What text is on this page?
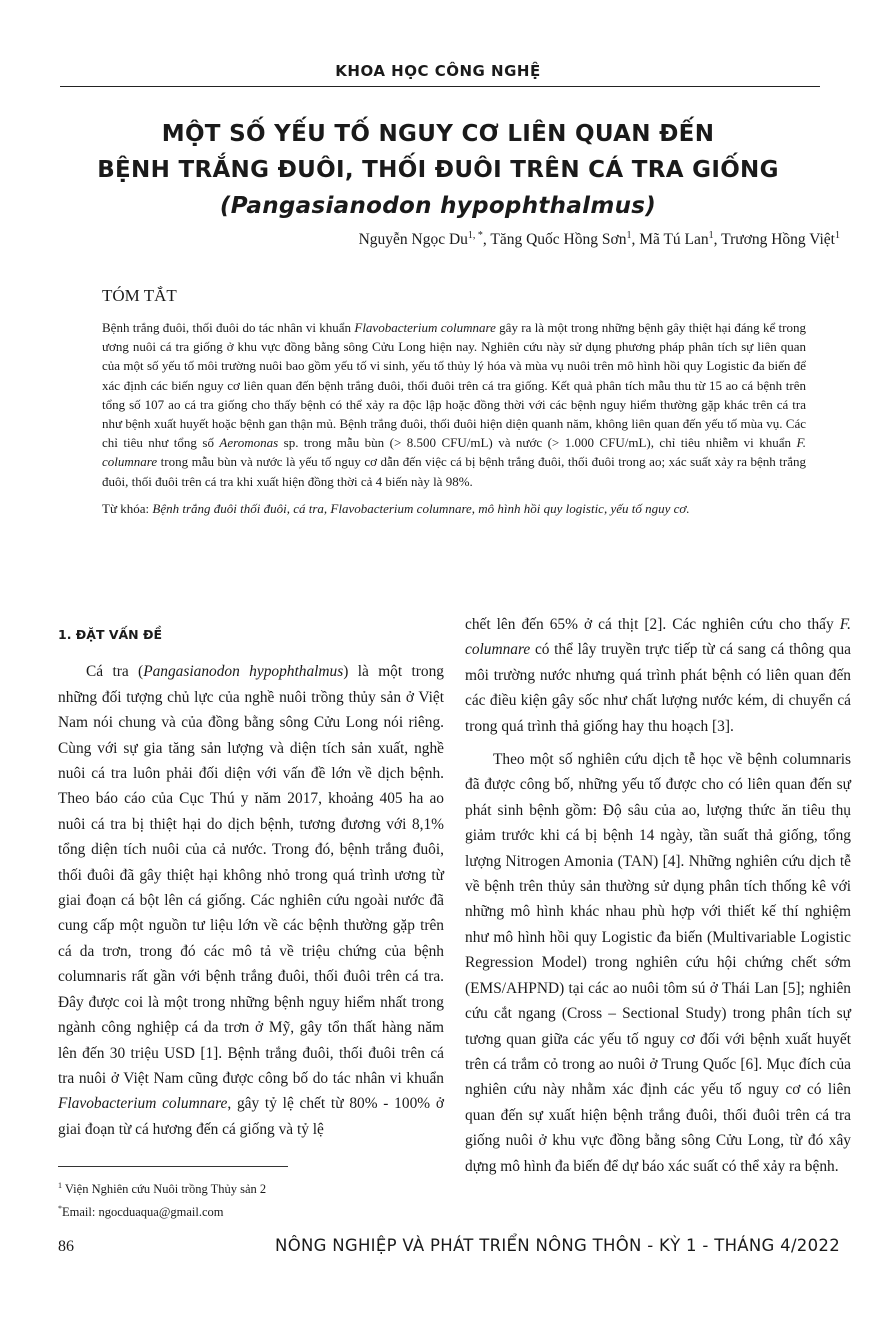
KHOA HỌC CÔNG NGHỆ
MỘT SỐ YẾU TỐ NGUY CƠ LIÊN QUAN ĐẾN
BỆNH TRẮNG ĐUÔI, THỐI ĐUÔI TRÊN CÁ TRA GIỐNG
(Pangasianodon hypophthalmus)
Nguyễn Ngọc $Du^{1, *}$, Tăng Quốc Hồng Sơn$^1$, Mã Tú Lan$^1$, Trương Hồng Việt$^1$
TÓM TẮT

Bệnh trắng đuôi, thối đuôi do tác nhân vi khuẩn Flavobacterium columnare gây ra là một trong những bệnh gây thiệt hại đáng kể trong ương nuôi cá tra giống ở khu vực đồng bằng sông Cửu Long hiện nay. Nghiên cứu này sử dụng phương pháp phân tích sự liên quan của một số yếu tố môi trường nuôi bao gồm yếu tố vi sinh, yếu tố thủy lý hóa và mùa vụ nuôi trên mô hình hồi quy Logistic đa biến để xác định các biến nguy cơ liên quan đến bệnh trắng đuôi, thối đuôi trên cá tra giống. Kết quả phân tích mẫu thu từ 15 ao cá bệnh trên tổng số 107 ao cá tra giống cho thấy bệnh có thể xảy ra độc lập hoặc đồng thời với các bệnh nguy hiểm thường gặp khác trên cá tra như bệnh xuất huyết hoặc bệnh gan thận mủ. Bệnh trắng đuôi, thối đuôi hiện diện quanh năm, không liên quan đến yếu tố mùa vụ. Các chỉ tiêu như tổng số Aeromonas sp. trong mẫu bùn (> 8.500 CFU/mL) và nước (> 1.000 CFU/mL), chỉ tiêu nhiễm vi khuẩn F. columnare trong mẫu bùn và nước là yếu tố nguy cơ dẫn đến việc cá bị bệnh trắng đuôi, thối đuôi trong ao; xác suất xảy ra bệnh trắng đuôi, thối đuôi trên cá tra khi xuất hiện đồng thời cả 4 biến này là 98%.

Từ khóa: Bệnh trắng đuôi thối đuôi, cá tra, Flavobacterium columnare, mô hình hồi quy logistic, yếu tố nguy cơ.
1. ĐẶT VẤN ĐỀ

Cá tra (Pangasianodon hypophthalmus) là một trong những đối tượng chủ lực của nghề nuôi trồng thủy sản ở Việt Nam nói chung và của đồng bằng sông Cửu Long nói riêng. Cùng với sự gia tăng sản lượng và diện tích sản xuất, nghề nuôi cá tra luôn phải đối diện với vấn đề lớn về dịch bệnh. Theo báo cáo của Cục Thú y năm 2017, khoảng 405 ha ao nuôi cá tra bị thiệt hại do dịch bệnh, tương đương với 8,1% tổng diện tích nuôi của cả nước. Trong đó, bệnh trắng đuôi, thối đuôi đã gây thiệt hại không nhỏ trong quá trình ương từ giai đoạn cá bột lên cá giống. Các nghiên cứu ngoài nước đã cung cấp một nguồn tư liệu lớn về các bệnh thường gặp trên cá da trơn, trong đó các mô tả về triệu chứng của bệnh columnaris rất gần với bệnh trắng đuôi, thối đuôi trên cá tra. Đây được coi là một trong những bệnh nguy hiểm nhất trong ngành công nghiệp cá da trơn ở Mỹ, gây tổn thất hàng năm lên đến 30 triệu USD [1]. Bệnh trắng đuôi, thối đuôi trên cá tra nuôi ở Việt Nam cũng được công bố do tác nhân vi khuẩn Flavobacterium columnare, gây tỷ lệ chết từ 80% - 100% ở giai đoạn từ cá hương đến cá giống và tỷ lệ

chết lên đến 65% ở cá thịt [2]. Các nghiên cứu cho thấy F. columnare có thể lây truyền trực tiếp từ cá sang cá thông qua môi trường nước nhưng quá trình phát bệnh có liên quan đến các điều kiện gây sốc như chất lượng nước kém, di chuyển cá trong quá trình thả giống hay thu hoạch [3].

Theo một số nghiên cứu dịch tễ học về bệnh columnaris đã được công bố, những yếu tố được cho có liên quan đến sự phát sinh bệnh gồm: Độ sâu của ao, lượng thức ăn tiêu thụ giảm trước khi cá bị bệnh 14 ngày, tần suất thả giống, tổng lượng Nitrogen Amonia (TAN) [4]. Những nghiên cứu dịch tễ về bệnh trên thủy sản thường sử dụng phân tích thống kê với những mô hình khác nhau phù hợp với thiết kế thí nghiệm như mô hình hồi quy Logistic đa biến (Multivariable Logistic Regression Model) trong nghiên cứu hội chứng chết sớm (EMS/AHPND) tại các ao nuôi tôm sú ở Thái Lan [5]; nghiên cứu cắt ngang (Cross – Sectional Study) trong phân tích sự tương quan giữa các yếu tố nguy cơ đối với bệnh xuất huyết trên cá trắm cỏ trong ao nuôi ở Trung Quốc [6]. Mục đích của nghiên cứu này nhằm xác định các yếu tố nguy cơ có liên quan đến sự xuất hiện bệnh trắng đuôi, thối đuôi trên cá tra giống nuôi ở khu vực đồng bằng sông Cửu Long, từ đó xây dựng mô hình đa biến để dự báo xác suất có thể xảy ra bệnh.

$^1$ Viện Nghiên cứu Nuôi trồng Thủy sản 2
*Email: ngocduaqua@gmail.com
86	NÔNG NGHIỆP VÀ PHÁT TRIỂN NÔNG THÔN - KỲ 1 - THÁNG 4/2022
